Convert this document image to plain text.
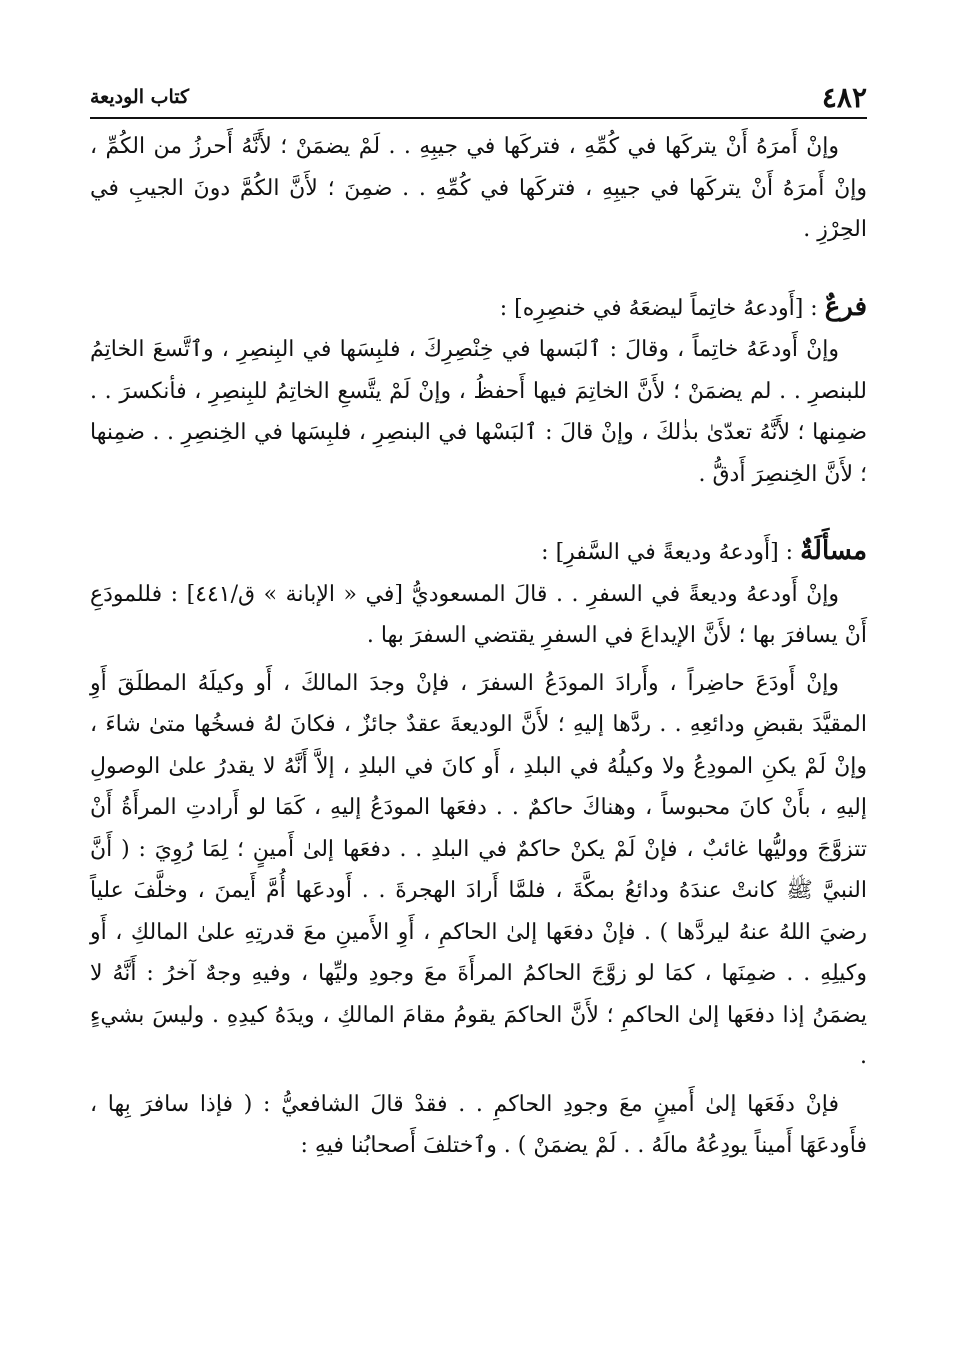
٤٨٢
كتاب الوديعة

وإنْ أَمرَهُ أَنْ يتركَها في كُمِّهِ ، فتركَها في جيبِهِ . . لَمْ يضمَنْ ؛ لأَنَّهُ أَحرزُ من الكُمِّ ، وإنْ أَمرَهُ أَنْ يتركَها في جيبِهِ ، فتركَها في كُمِّهِ . . ضمِنَ ؛ لأَنَّ الكُمَّ دونَ الجيبِ في الحِرْزِ .

فرعٌ : [أَودعهُ خاتِماً ليضعَهُ في خنصِرِه] :

وإنْ أَودعَهُ خاتِماً ، وقالَ : ٱلبَسها في خِنْصِرِكَ ، فلبِسَها في البِنصِرِ ، وٱتَّسعَ الخاتِمُ للبنصرِ . . لم يضمَنْ ؛ لأَنَّ الخاتِمَ فيها أَحفظُ ، وإنْ لَمْ يتَّسعِ الخاتِمُ للبِنصِرِ ، فأنكسرَ . . ضمِنها ؛ لأَنَّهُ تعدّىٰ بذٰلكَ ، وإنْ قالَ : ٱلبَسْها في البنصِرِ ، فلبِسَها في الخِنصِرِ . . ضمِنها ؛ لأَنَّ الخِنصِرَ أَدقُّ .

مسأَلَةٌ : [أَودعهُ وديعةً في السَّفرِ] :

وإنْ أَودعهُ وديعةً في السفرِ . . قالَ المسعوديُّ [في « الإبانة » ق/٤٤١] : فللمودَعِ أَنْ يسافرَ بها ؛ لأَنَّ الإيداعَ في السفرِ يقتضي السفرَ بها .

وإنْ أَودَعَ حاضِراً ، وأَرادَ المودَعُ السفرَ ، فإنْ وجدَ المالكَ ، أَو وكيلَهُ المطلَقَ أَوِ المقيَّدَ بقبضِ ودائعِهِ . . ردَّها إليهِ ؛ لأَنَّ الوديعةَ عقدٌ جائزٌ ، فكانَ لهُ فسخُها متىٰ شاءَ ، وإنْ لَمْ يكنِ المودِعُ ولا وكيلُهُ في البلدِ ، أَو كانَ في البلدِ ، إلاَّ أَنَّهُ لا يقدرُ علىٰ الوصولِ إليهِ ، بأَنْ كانَ محبوساً ، وهناكَ حاكمٌ . . دفعَها المودَعُ إليهِ ، كَمَا لو أَرادتِ المرأَةُ أَنْ تتزوَّجَ ووليُّها غائبٌ ، فإنْ لَمْ يكنْ حاكمٌ في البلدِ . . دفعَها إلىٰ أَمينٍ ؛ لِمَا رُوِيَ : ( أَنَّ النبيَّ ﷺ كانتْ عندَهُ ودائعُ بمكَّةَ ، فلمَّا أَرادَ الهجرةَ . . أَودعَها أُمَّ أَيمنَ ، وخلَّفَ علياً رضيَ اللهُ عنهُ ليردَّها ) . فإنْ دفعَها إلىٰ الحاكمِ ، أَوِ الأَمينِ معَ قدرتِهِ علىٰ المالكِ ، أَو وكيلِهِ . . ضمِنَها ، كمَا لو زوَّجَ الحاكمُ المرأَةَ معَ وجودِ وليِّها ، وفيهِ وجهٌ آخرُ : أَنَّهُ لا يضمَنُ إذا دفعَها إلىٰ الحاكمِ ؛ لأَنَّ الحاكمَ يقومُ مقامَ المالكِ ، ويدَهُ كيدِهِ . وليسَ بشيءٍ .

فإنْ دفَعَها إلىٰ أَمينٍ معَ وجودِ الحاكمِ . . فقدْ قالَ الشافعيُّ : ( فإذا سافرَ بِها ، فأَودعَهَا أَميناً يودِعُهُ مالَهُ . . لَمْ يضمَنْ ) . وٱختلفَ أَصحابُنا فيهِ :
